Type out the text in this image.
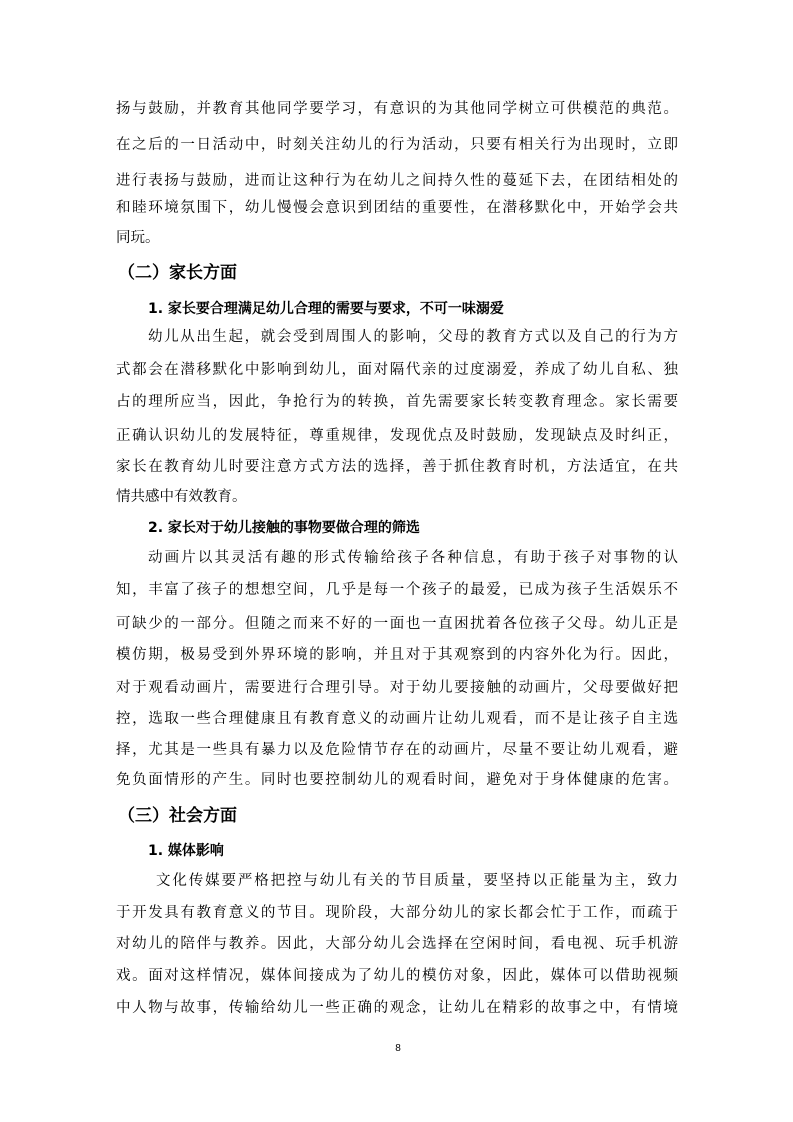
扬与鼓励，并教育其他同学要学习，有意识的为其他同学树立可供模范的典范。
在之后的一日活动中，时刻关注幼儿的行为活动，只要有相关行为出现时，立即
进行表扬与鼓励，进而让这种行为在幼儿之间持久性的蔓延下去，在团结相处的
和睦环境氛围下，幼儿慢慢会意识到团结的重要性，在潜移默化中，开始学会共
同玩。
（二）家长方面
1. 家长要合理满足幼儿合理的需要与要求，不可一味溺爱
幼儿从出生起，就会受到周围人的影响，父母的教育方式以及自己的行为方
式都会在潜移默化中影响到幼儿，面对隔代亲的过度溺爱，养成了幼儿自私、独
占的理所应当，因此，争抢行为的转换，首先需要家长转变教育理念。家长需要
正确认识幼儿的发展特征，尊重规律，发现优点及时鼓励，发现缺点及时纠正，
家长在教育幼儿时要注意方式方法的选择，善于抓住教育时机，方法适宜，在共
情共感中有效教育。
2. 家长对于幼儿接触的事物要做合理的筛选
动画片以其灵活有趣的形式传输给孩子各种信息，有助于孩子对事物的认
知，丰富了孩子的想想空间，几乎是每一个孩子的最爱，已成为孩子生活娱乐不
可缺少的一部分。但随之而来不好的一面也一直困扰着各位孩子父母。幼儿正是
模仿期，极易受到外界环境的影响，并且对于其观察到的内容外化为行。因此，
对于观看动画片，需要进行合理引导。对于幼儿要接触的动画片，父母要做好把
控，选取一些合理健康且有教育意义的动画片让幼儿观看，而不是让孩子自主选
择，尤其是一些具有暴力以及危险情节存在的动画片，尽量不要让幼儿观看，避
免负面情形的产生。同时也要控制幼儿的观看时间，避免对于身体健康的危害。
（三）社会方面
1. 媒体影响
文化传媒要严格把控与幼儿有关的节目质量，要坚持以正能量为主，致力
于开发具有教育意义的节目。现阶段，大部分幼儿的家长都会忙于工作，而疏于
对幼儿的陪伴与教养。因此，大部分幼儿会选择在空闲时间，看电视、玩手机游
戏。面对这样情况，媒体间接成为了幼儿的模仿对象，因此，媒体可以借助视频
中人物与故事，传输给幼儿一些正确的观念，让幼儿在精彩的故事之中，有情境
8
